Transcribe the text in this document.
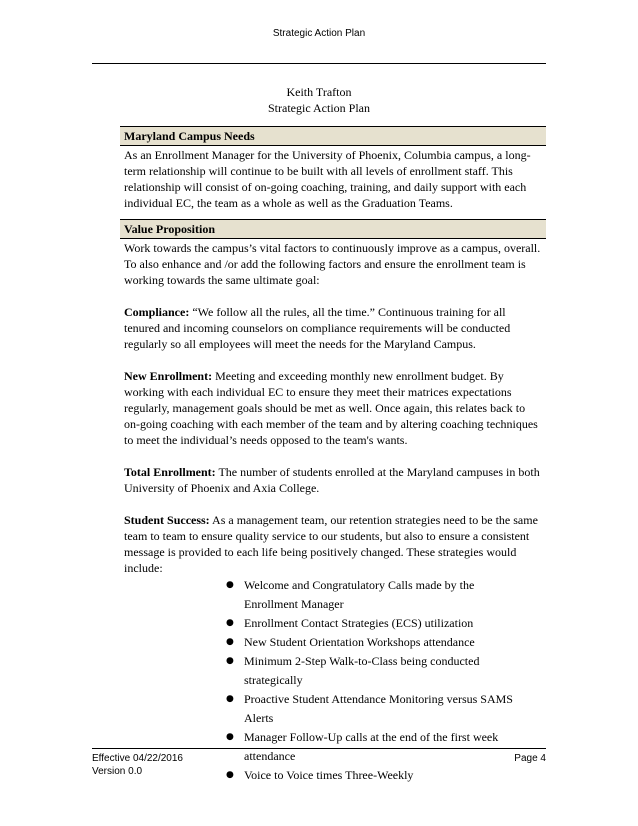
Strategic Action Plan
Keith Trafton
Strategic Action Plan
Maryland Campus Needs

As an Enrollment Manager for the University of Phoenix, Columbia campus, a long-term relationship will continue to be built with all levels of enrollment staff. This relationship will consist of on-going coaching, training, and daily support with each individual EC, the team as a whole as well as the Graduation Teams.

Value Proposition

Work towards the campus’s vital factors to continuously improve as a campus, overall. To also enhance and /or add the following factors and ensure the enrollment team is working towards the same ultimate goal:

Compliance: “We follow all the rules, all the time.” Continuous training for all tenured and incoming counselors on compliance requirements will be conducted regularly so all employees will meet the needs for the Maryland Campus.

New Enrollment: Meeting and exceeding monthly new enrollment budget. By working with each individual EC to ensure they meet their matrices expectations regularly, management goals should be met as well. Once again, this relates back to on-going coaching with each member of the team and by altering coaching techniques to meet the individual’s needs opposed to the team's wants.

Total Enrollment: The number of students enrolled at the Maryland campuses in both University of Phoenix and Axia College.

Student Success: As a management team, our retention strategies need to be the same team to team to ensure quality service to our students, but also to ensure a consistent message is provided to each life being positively changed. These strategies would include:

● Welcome and Congratulatory Calls made by the Enrollment Manager
● Enrollment Contact Strategies (ECS) utilization
● New Student Orientation Workshops attendance
● Minimum 2-Step Walk-to-Class being conducted strategically
● Proactive Student Attendance Monitoring versus SAMS Alerts
● Manager Follow-Up calls at the end of the first week attendance
● Voice to Voice times Three-Weekly
Effective 04/22/2016
Version 0.0
Page 4
